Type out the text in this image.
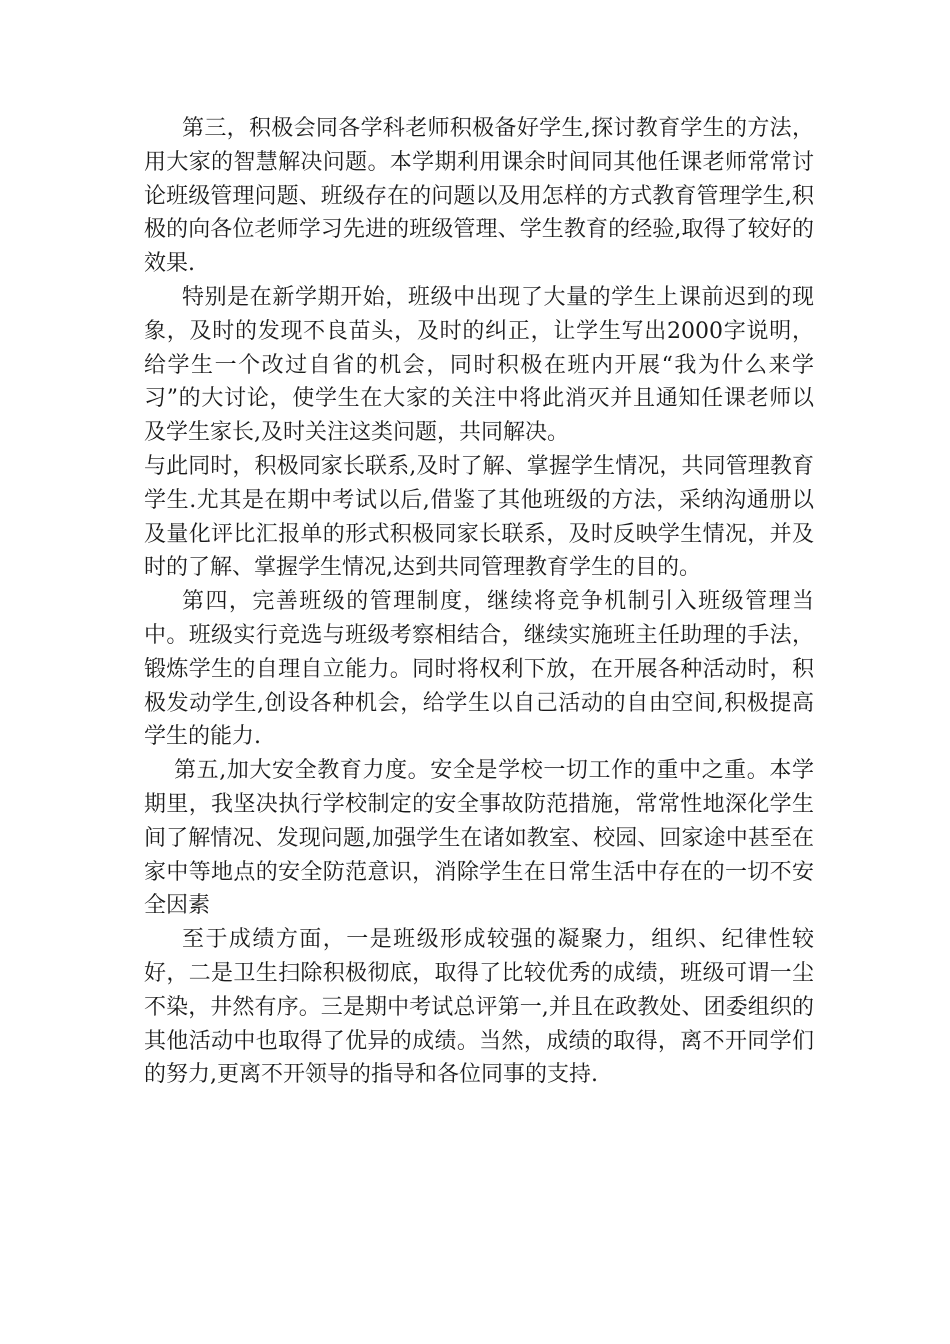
第三，积极会同各学科老师积极备好学生,探讨教育学生的方法，用大家的智慧解决问题。本学期利用课余时间同其他任课老师常常讨论班级管理问题、班级存在的问题以及用怎样的方式教育管理学生,积极的向各位老师学习先进的班级管理、学生教育的经验,取得了较好的效果.

特别是在新学期开始，班级中出现了大量的学生上课前迟到的现象，及时的发现不良苗头，及时的纠正，让学生写出2000字说明，给学生一个改过自省的机会，同时积极在班内开展“我为什么来学习”的大讨论，使学生在大家的关注中将此消灭并且通知任课老师以及学生家长,及时关注这类问题，共同解决。

与此同时，积极同家长联系,及时了解、掌握学生情况，共同管理教育学生.尤其是在期中考试以后,借鉴了其他班级的方法，采纳沟通册以及量化评比汇报单的形式积极同家长联系，及时反映学生情况，并及时的了解、掌握学生情况,达到共同管理教育学生的目的。

第四，完善班级的管理制度，继续将竞争机制引入班级管理当中。班级实行竞选与班级考察相结合，继续实施班主任助理的手法，锻炼学生的自理自立能力。同时将权利下放，在开展各种活动时，积极发动学生,创设各种机会，给学生以自己活动的自由空间,积极提高学生的能力.

第五,加大安全教育力度。安全是学校一切工作的重中之重。本学期里，我坚决执行学校制定的安全事故防范措施，常常性地深化学生间了解情况、发现问题,加强学生在诸如教室、校园、回家途中甚至在家中等地点的安全防范意识，消除学生在日常生活中存在的一切不安全因素

至于成绩方面，一是班级形成较强的凝聚力，组织、纪律性较好，二是卫生扫除积极彻底，取得了比较优秀的成绩，班级可谓一尘不染，井然有序。三是期中考试总评第一,并且在政教处、团委组织的其他活动中也取得了优异的成绩。当然，成绩的取得，离不开同学们的努力,更离不开领导的指导和各位同事的支持.
